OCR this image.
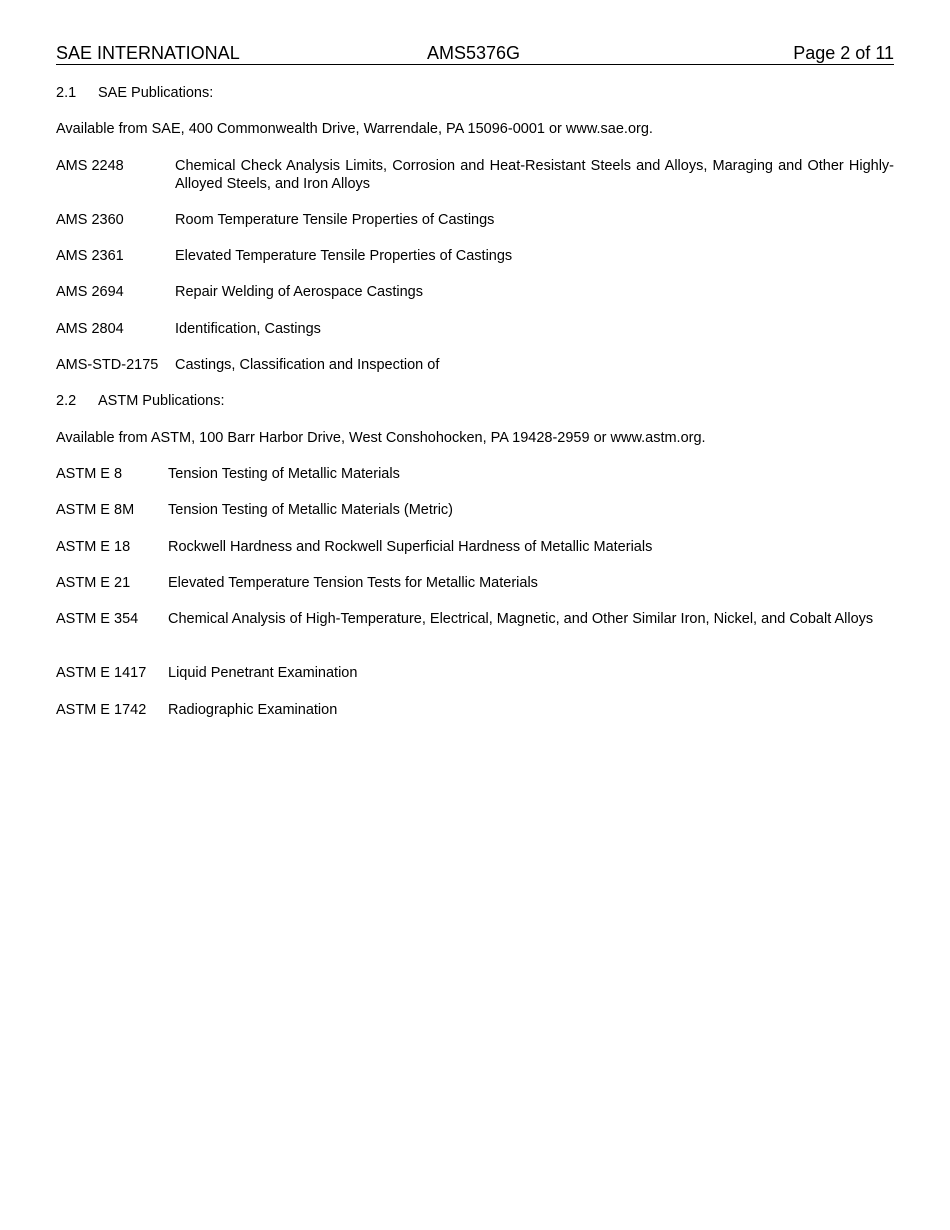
SAE INTERNATIONAL	AMS5376G	Page 2 of 11
2.1 SAE Publications:
Available from SAE, 400 Commonwealth Drive, Warrendale, PA 15096-0001 or www.sae.org.
AMS 2248	Chemical Check Analysis Limits, Corrosion and Heat-Resistant Steels and Alloys, Maraging and Other Highly-Alloyed Steels, and Iron Alloys
AMS 2360	Room Temperature Tensile Properties of Castings
AMS 2361	Elevated Temperature Tensile Properties of Castings
AMS 2694	Repair Welding of Aerospace Castings
AMS 2804	Identification, Castings
AMS-STD-2175 Castings, Classification and Inspection of
2.2 ASTM Publications:
Available from ASTM, 100 Barr Harbor Drive, West Conshohocken, PA 19428-2959 or www.astm.org.
ASTM E 8	Tension Testing of Metallic Materials
ASTM E 8M Tension Testing of Metallic Materials (Metric)
ASTM E 18	Rockwell Hardness and Rockwell Superficial Hardness of Metallic Materials
ASTM E 21	Elevated Temperature Tension Tests for Metallic Materials
ASTM E 354 Chemical Analysis of High-Temperature, Electrical, Magnetic, and Other Similar Iron, Nickel, and Cobalt Alloys
ASTM E 1417 Liquid Penetrant Examination
ASTM E 1742 Radiographic Examination
